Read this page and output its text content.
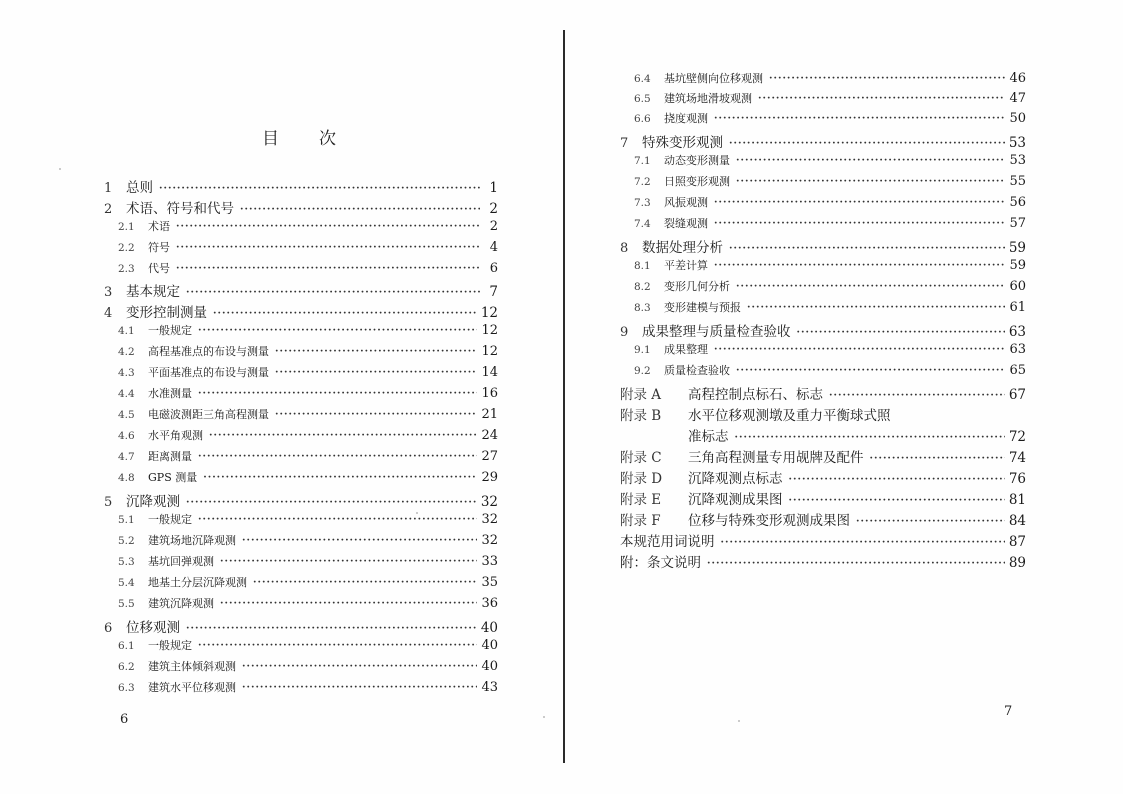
目次
1	总则 ·····	1
2	术语、符号和代号 ·····	2
2.1	术语 ·····	2
2.2	符号 ·····	4
2.3	代号 ·····	6
3	基本规定 ·····	7
4	变形控制测量 ·····	12
4.1	一般规定 ·····	12
4.2	高程基准点的布设与测量 ·····	12
4.3	平面基准点的布设与测量 ·····	14
4.4	水准测量 ·····	16
4.5	电磁波测距三角高程测量 ·····	21
4.6	水平角观测 ·····	24
4.7	距离测量 ·····	27
4.8	GPS 测量 ·····	29
5	沉降观测 ·····	32
5.1	一般规定 ·····	32
5.2	建筑场地沉降观测 ·····	32
5.3	基坑回弹观测 ·····	33
5.4	地基土分层沉降观测 ·····	35
5.5	建筑沉降观测 ·····	36
6	位移观测 ·····	40
6.1	一般规定 ·····	40
6.2	建筑主体倾斜观测 ·····	40
6.3	建筑水平位移观测 ·····	43
6.4	基坑壁侧向位移观测 ·····	46
6.5	建筑场地滑坡观测 ·····	47
6.6	挠度观测 ·····	50
7	特殊变形观测 ·····	53
7.1	动态变形测量 ·····	53
7.2	日照变形观测 ·····	55
7.3	风振观测 ·····	56
7.4	裂缝观测 ·····	57
8	数据处理分析 ·····	59
8.1	平差计算 ·····	59
8.2	变形几何分析 ·····	60
8.3	变形建模与预报 ·····	61
9	成果整理与质量检查验收 ·····	63
9.1	成果整理 ·····	63
9.2	质量检查验收 ·····	65
附录 A	高程控制点标石、标志 ·····	67
附录 B	水平位移观测墩及重力平衡球式照
准标志 ·····	72
附录 C	三角高程测量专用觇牌及配件 ·····	74
附录 D	沉降观测点标志 ·····	76
附录 E	沉降观测成果图 ·····	81
附录 F	位移与特殊变形观测成果图 ·····	84
本规范用词说明 ·····	87
附：条文说明 ·····	89
6
7
